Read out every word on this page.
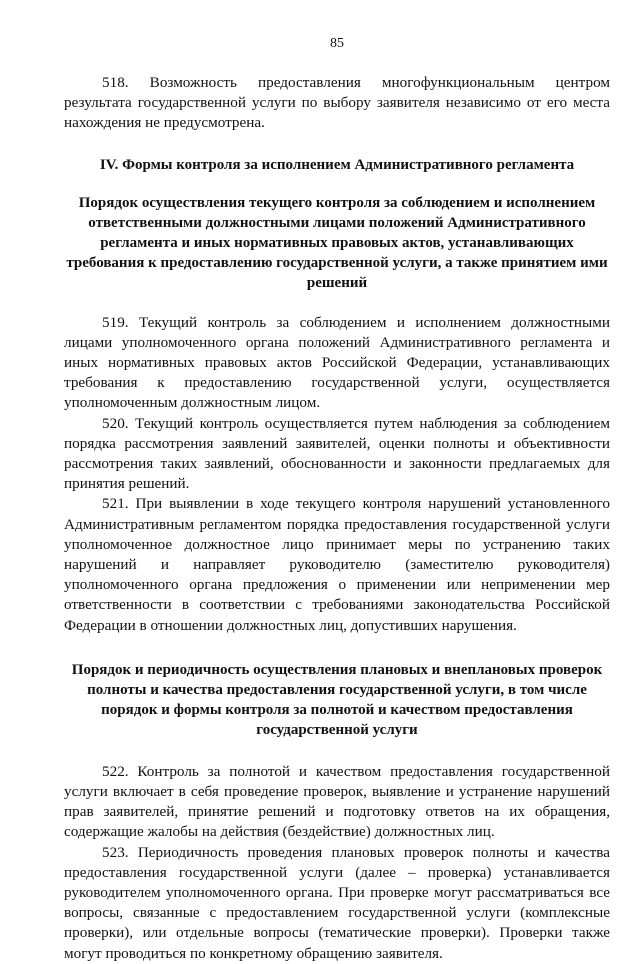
85

518. Возможность предоставления многофункциональным центром результата государственной услуги по выбору заявителя независимо от его места нахождения не предусмотрена.

IV. Формы контроля за исполнением Административного регламента
Порядок осуществления текущего контроля за соблюдением и исполнением ответственными должностными лицами положений Административного регламента и иных нормативных правовых актов, устанавливающих требования к предоставлению государственной услуги, а также принятием ими решений

519. Текущий контроль за соблюдением и исполнением должностными лицами уполномоченного органа положений Административного регламента и иных нормативных правовых актов Российской Федерации, устанавливающих требования к предоставлению государственной услуги, осуществляется уполномоченным должностным лицом.

520. Текущий контроль осуществляется путем наблюдения за соблюдением порядка рассмотрения заявлений заявителей, оценки полноты и объективности рассмотрения таких заявлений, обоснованности и законности предлагаемых для принятия решений.

521. При выявлении в ходе текущего контроля нарушений установленного Административным регламентом порядка предоставления государственной услуги уполномоченное должностное лицо принимает меры по устранению таких нарушений и направляет руководителю (заместителю руководителя) уполномоченного органа предложения о применении или неприменении мер ответственности в соответствии с требованиями законодательства Российской Федерации в отношении должностных лиц, допустивших нарушения.

Порядок и периодичность осуществления плановых и внеплановых проверок полноты и качества предоставления государственной услуги, в том числе порядок и формы контроля за полнотой и качеством предоставления государственной услуги

522. Контроль за полнотой и качеством предоставления государственной услуги включает в себя проведение проверок, выявление и устранение нарушений прав заявителей, принятие решений и подготовку ответов на их обращения, содержащие жалобы на действия (бездействие) должностных лиц.

523. Периодичность проведения плановых проверок полноты и качества предоставления государственной услуги (далее – проверка) устанавливается руководителем уполномоченного органа. При проверке могут рассматриваться все вопросы, связанные с предоставлением государственной услуги (комплексные проверки), или отдельные вопросы (тематические проверки). Проверки также могут проводиться по конкретному обращению заявителя.
